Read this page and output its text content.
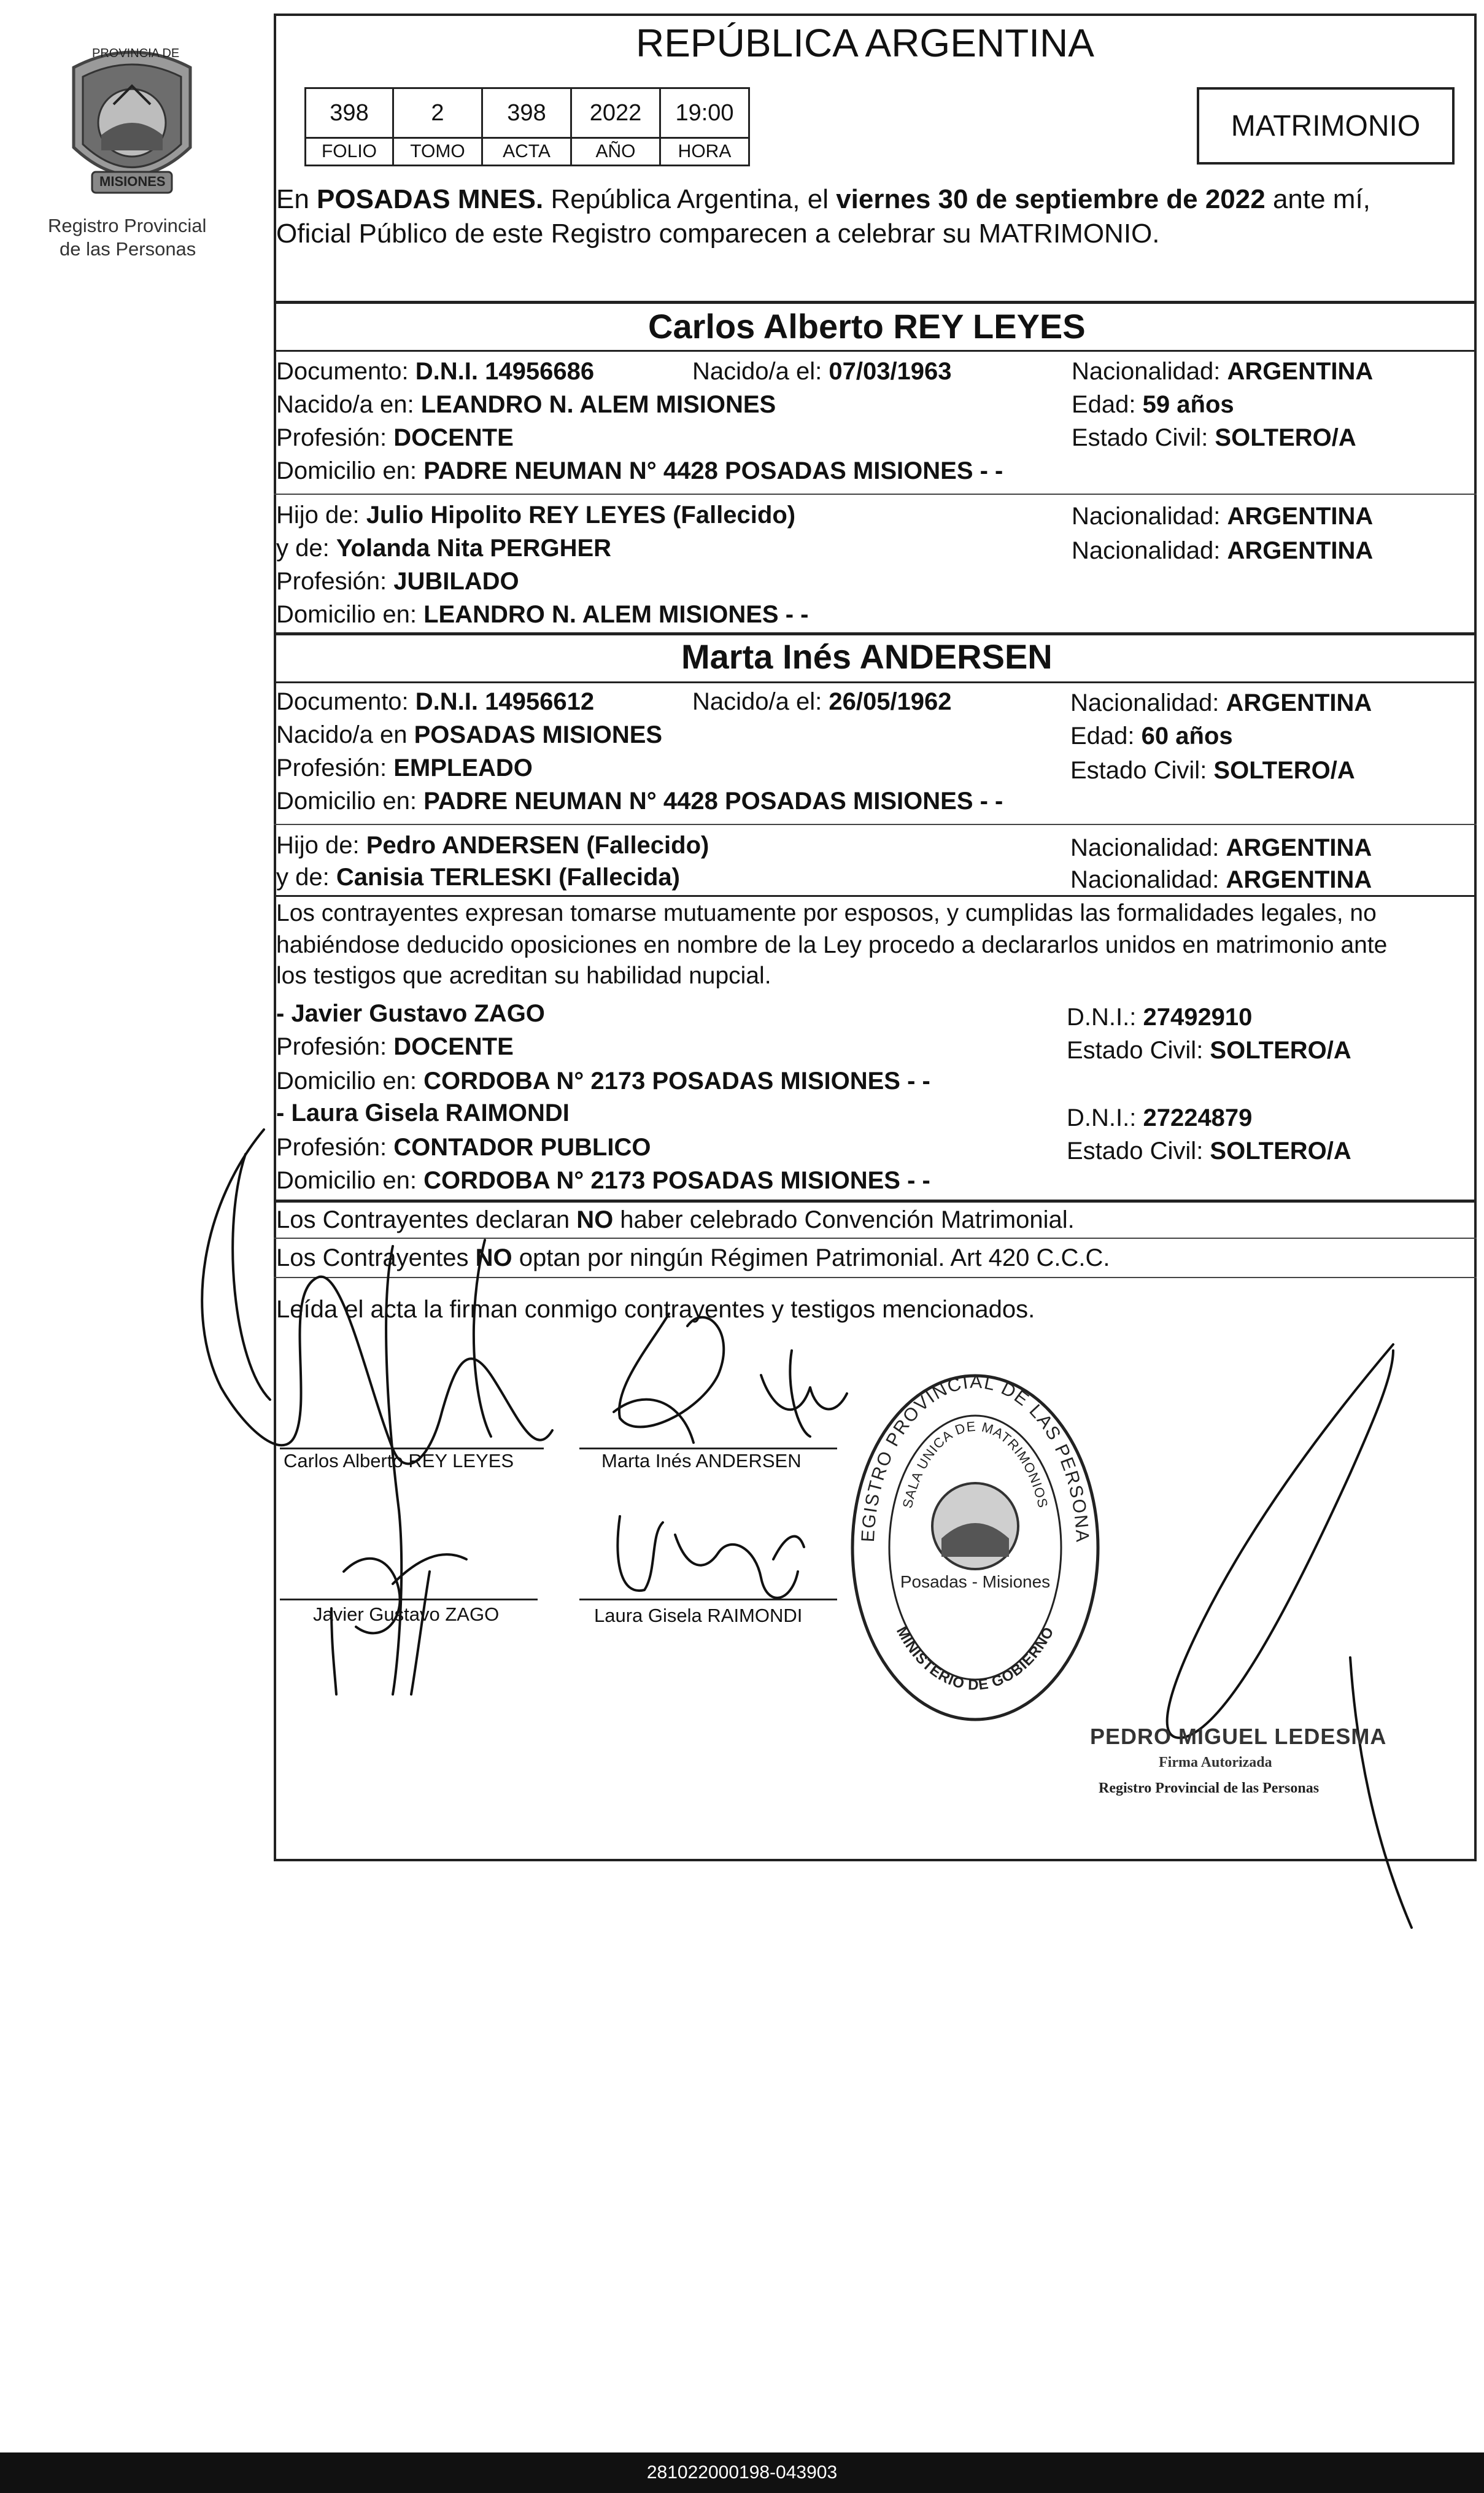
PROVINCIA DE
MISIONES
Registro Provincial
de las Personas
REPÚBLICA ARGENTINA
398	2	398	2022	19:00
FOLIO	TOMO	ACTA	AÑO	HORA
MATRIMONIO
En POSADAS MNES. República Argentina, el viernes 30 de septiembre de 2022 ante mí,
Oficial Público de este Registro comparecen a celebrar su MATRIMONIO.
Carlos Alberto REY LEYES
Documento: D.N.I. 14956686	Nacido/a el: 07/03/1963	Nacionalidad: ARGENTINA
Nacido/a en: LEANDRO N. ALEM MISIONES	Edad: 59 años
Profesión: DOCENTE	Estado Civil: SOLTERO/A
Domicilio en: PADRE NEUMAN N° 4428 POSADAS MISIONES - -
Hijo de: Julio Hipolito REY LEYES (Fallecido)	Nacionalidad: ARGENTINA
y de: Yolanda Nita PERGHER	Nacionalidad: ARGENTINA
Profesión: JUBILADO
Domicilio en: LEANDRO N. ALEM MISIONES - -
Marta Inés ANDERSEN
Documento: D.N.I. 14956612	Nacido/a el: 26/05/1962	Nacionalidad: ARGENTINA
Nacido/a en POSADAS MISIONES	Edad: 60 años
Profesión: EMPLEADO	Estado Civil: SOLTERO/A
Domicilio en: PADRE NEUMAN N° 4428 POSADAS MISIONES - -
Hijo de: Pedro ANDERSEN (Fallecido)	Nacionalidad: ARGENTINA
y de: Canisia TERLESKI (Fallecida)	Nacionalidad: ARGENTINA
Los contrayentes expresan tomarse mutuamente por esposos, y cumplidas las formalidades legales, no
habiéndose deducido oposiciones en nombre de la Ley procedo a declararlos unidos en matrimonio ante
los testigos que acreditan su habilidad nupcial.
- Javier Gustavo ZAGO	D.N.I.: 27492910
Profesión: DOCENTE	Estado Civil: SOLTERO/A
Domicilio en: CORDOBA N° 2173 POSADAS MISIONES - -
- Laura Gisela RAIMONDI	D.N.I.: 27224879
Profesión: CONTADOR PUBLICO	Estado Civil: SOLTERO/A
Domicilio en: CORDOBA N° 2173 POSADAS MISIONES - -
Los Contrayentes declaran NO haber celebrado Convención Matrimonial.
Los Contrayentes NO optan por ningún Régimen Patrimonial. Art 420 C.C.C.
Leída el acta la firman conmigo contrayentes y testigos mencionados.
Carlos Alberto REY LEYES	Marta Inés ANDERSEN
Javier Gustavo ZAGO	Laura Gisela RAIMONDI
EGISTRO PROVINCIAL DE LAS PERSONA
SALA UNICA DE MATRIMONIOS
MINISTERIO DE GOBIERNO
Posadas - Misiones
PEDRO MIGUEL LEDESMA
Firma Autorizada
Registro Provincial de las Personas
281022000198-043903
